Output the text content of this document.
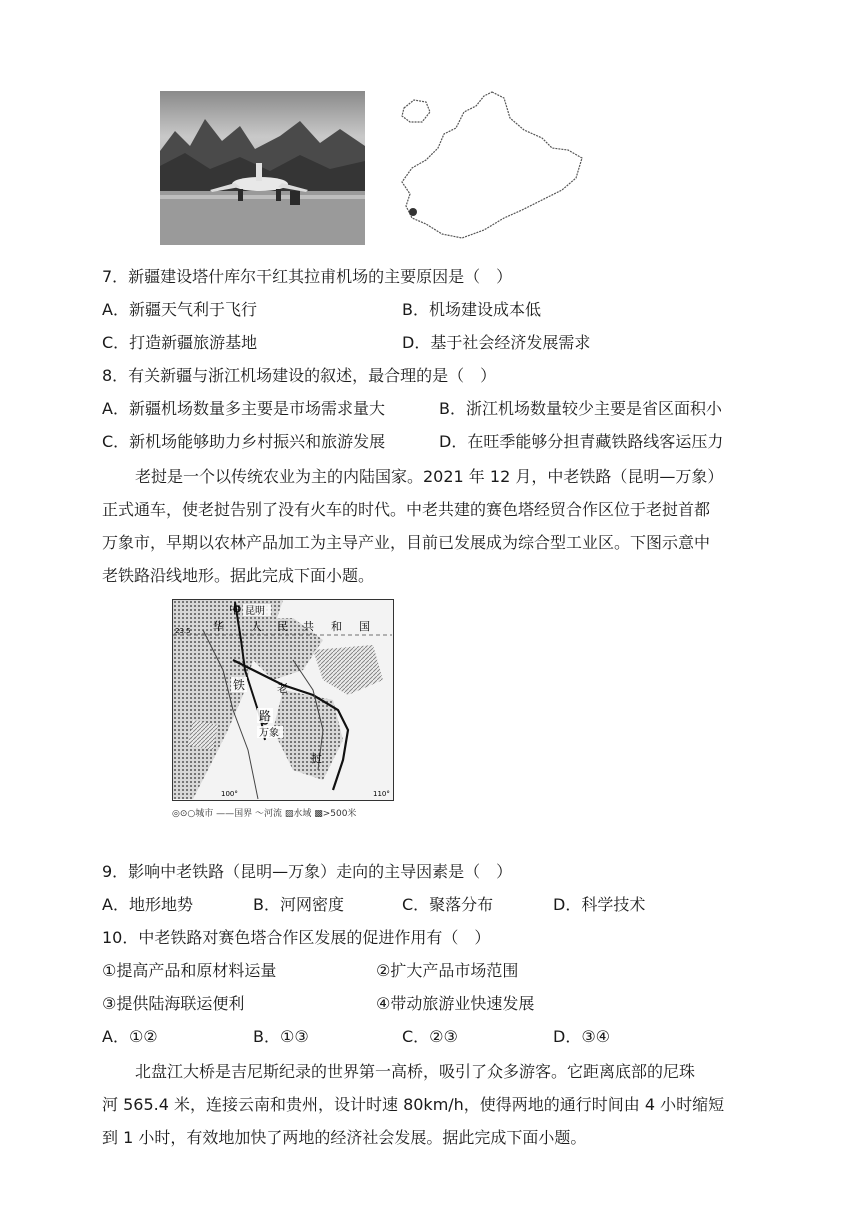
7．新疆建设塔什库尔干红其拉甫机场的主要原因是（　）
A．新疆天气利于飞行	B．机场建设成本低
C．打造新疆旅游基地	D．基于社会经济发展需求
8．有关新疆与浙江机场建设的叙述，最合理的是（　）
A．新疆机场数量多主要是市场需求量大	B．浙江机场数量较少主要是省区面积小
C．新机场能够助力乡村振兴和旅游发展	D．在旺季能够分担青藏铁路线客运压力
老挝是一个以传统农业为主的内陆国家。2021 年 12 月，中老铁路（昆明—万象）
正式通车，使老挝告别了没有火车的时代。中老共建的赛色塔经贸合作区位于老挝首都
万象市，早期以农林产品加工为主导产业，目前已发展成为综合型工业区。下图示意中
老铁路沿线地形。据此完成下面小题。
昆明
中
华 人 民 共 和 国
23.5
铁
路
老
挝
万象
100°	110°
◎⊙○城市 ——国界 〜河流 ▨水域 ▩>500米
9．影响中老铁路（昆明—万象）走向的主导因素是（　）
A．地形地势	B．河网密度	C．聚落分布	D．科学技术
10．中老铁路对赛色塔合作区发展的促进作用有（　）
①提高产品和原材料运量	②扩大产品市场范围
③提供陆海联运便利	④带动旅游业快速发展
A．①②	B．①③	C．②③	D．③④
北盘江大桥是吉尼斯纪录的世界第一高桥，吸引了众多游客。它距离底部的尼珠
河 565.4 米，连接云南和贵州，设计时速 80km/h，使得两地的通行时间由 4 小时缩短
到 1 小时，有效地加快了两地的经济社会发展。据此完成下面小题。
